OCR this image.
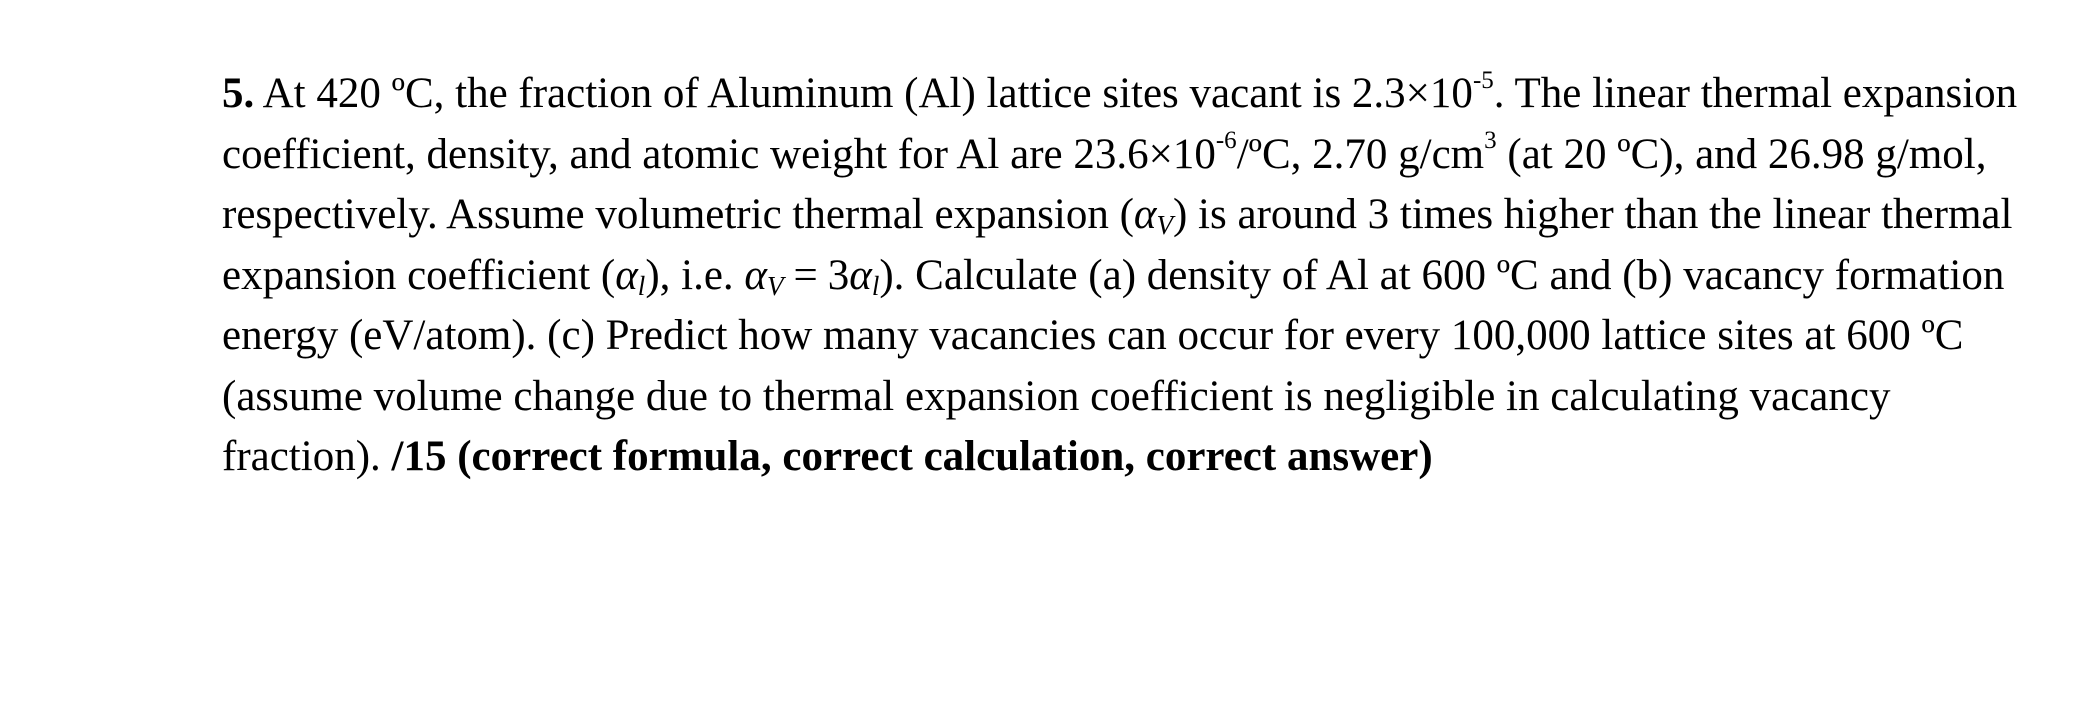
5. At 420 ºC, the fraction of Aluminum (Al) lattice sites vacant is $2.3\times 10^{-5}$. The linear thermal expansion coefficient, density, and atomic weight for Al are $23.6\times 10^{-6}/ºC$, 2.70 $g/cm^3$ (at 20 ºC), and 26.98 g/mol, respectively. Assume volumetric thermal expansion $(\alpha_V)$ is around 3 times higher than the linear thermal expansion coefficient $(\alpha_l)$, i.e. $\alpha_V = 3\alpha_l$). Calculate (a) density of Al at 600 ºC and (b) vacancy formation energy (eV/atom). (c) Predict how many vacancies can occur for every 100,000 lattice sites at 600 ºC (assume volume change due to thermal expansion coefficient is negligible in calculating vacancy fraction). /15 (correct formula, correct calculation, correct answer)
